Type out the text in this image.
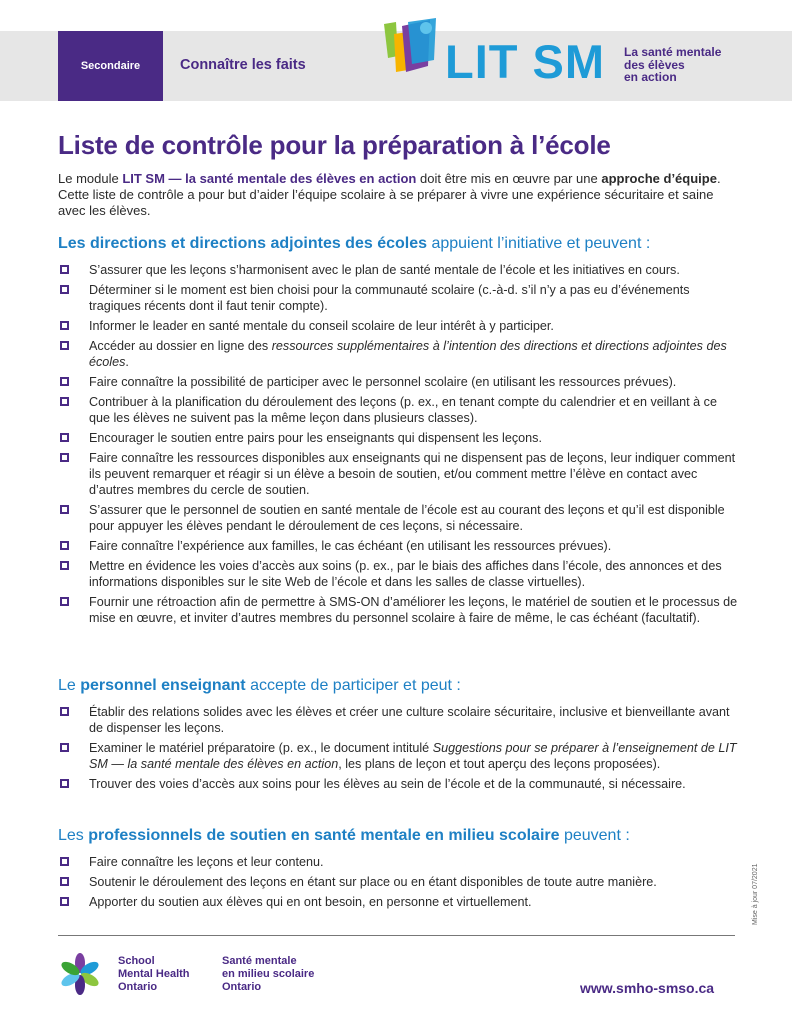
Secondaire	Connaître les faits	LIT SM La santé mentale
des élèves
en action
Liste de contrôle pour la préparation à l’école

Le module LIT SM — la santé mentale des élèves en action doit être mis en œuvre par une approche d’équipe. Cette liste de contrôle a pour but d’aider l’équipe scolaire à se préparer à vivre une expérience sécuritaire et saine avec les élèves.

Les directions et directions adjointes des écoles appuient l’initiative et peuvent :
S’assurer que les leçons s’harmonisent avec le plan de santé mentale de l’école et les initiatives en cours.
Déterminer si le moment est bien choisi pour la communauté scolaire (c.-à-d. s’il n’y a pas eu d’événements tragiques récents dont il faut tenir compte).
Informer le leader en santé mentale du conseil scolaire de leur intérêt à y participer.
Accéder au dossier en ligne des ressources supplémentaires à l’intention des directions et directions adjointes des écoles.
Faire connaître la possibilité de participer avec le personnel scolaire (en utilisant les ressources prévues).
Contribuer à la planification du déroulement des leçons (p. ex., en tenant compte du calendrier et en veillant à ce que les élèves ne suivent pas la même leçon dans plusieurs classes).
Encourager le soutien entre pairs pour les enseignants qui dispensent les leçons.
Faire connaître les ressources disponibles aux enseignants qui ne dispensent pas de leçons, leur indiquer comment ils peuvent remarquer et réagir si un élève a besoin de soutien, et/ou comment mettre l’élève en contact avec d’autres membres du cercle de soutien.
S’assurer que le personnel de soutien en santé mentale de l’école est au courant des leçons et qu’il est disponible pour appuyer les élèves pendant le déroulement de ces leçons, si nécessaire.
Faire connaître l’expérience aux familles, le cas échéant (en utilisant les ressources prévues).
Mettre en évidence les voies d’accès aux soins (p. ex., par le biais des affiches dans l’école, des annonces et des informations disponibles sur le site Web de l’école et dans les salles de classe virtuelles).
Fournir une rétroaction afin de permettre à SMS-ON d’améliorer les leçons, le matériel de soutien et le processus de mise en œuvre, et inviter d’autres membres du personnel scolaire à faire de même, le cas échéant (facultatif).
Le personnel enseignant accepte de participer et peut :
Établir des relations solides avec les élèves et créer une culture scolaire sécuritaire, inclusive et bienveillante avant de dispenser les leçons.
Examiner le matériel préparatoire (p. ex., le document intitulé Suggestions pour se préparer à l’enseignement de LIT SM — la santé mentale des élèves en action, les plans de leçon et tout aperçu des leçons proposées).
Trouver des voies d’accès aux soins pour les élèves au sein de l’école et de la communauté, si nécessaire.
Les professionnels de soutien en santé mentale en milieu scolaire peuvent :
Faire connaître les leçons et leur contenu.
Soutenir le déroulement des leçons en étant sur place ou en étant disponibles de toute autre manière.
Apporter du soutien aux élèves qui en ont besoin, en personne et virtuellement.
School
Mental Health
Ontario
Santé mentale
en milieu scolaire
Ontario	www.smho-smso.ca
Mise à jour 07/2021
